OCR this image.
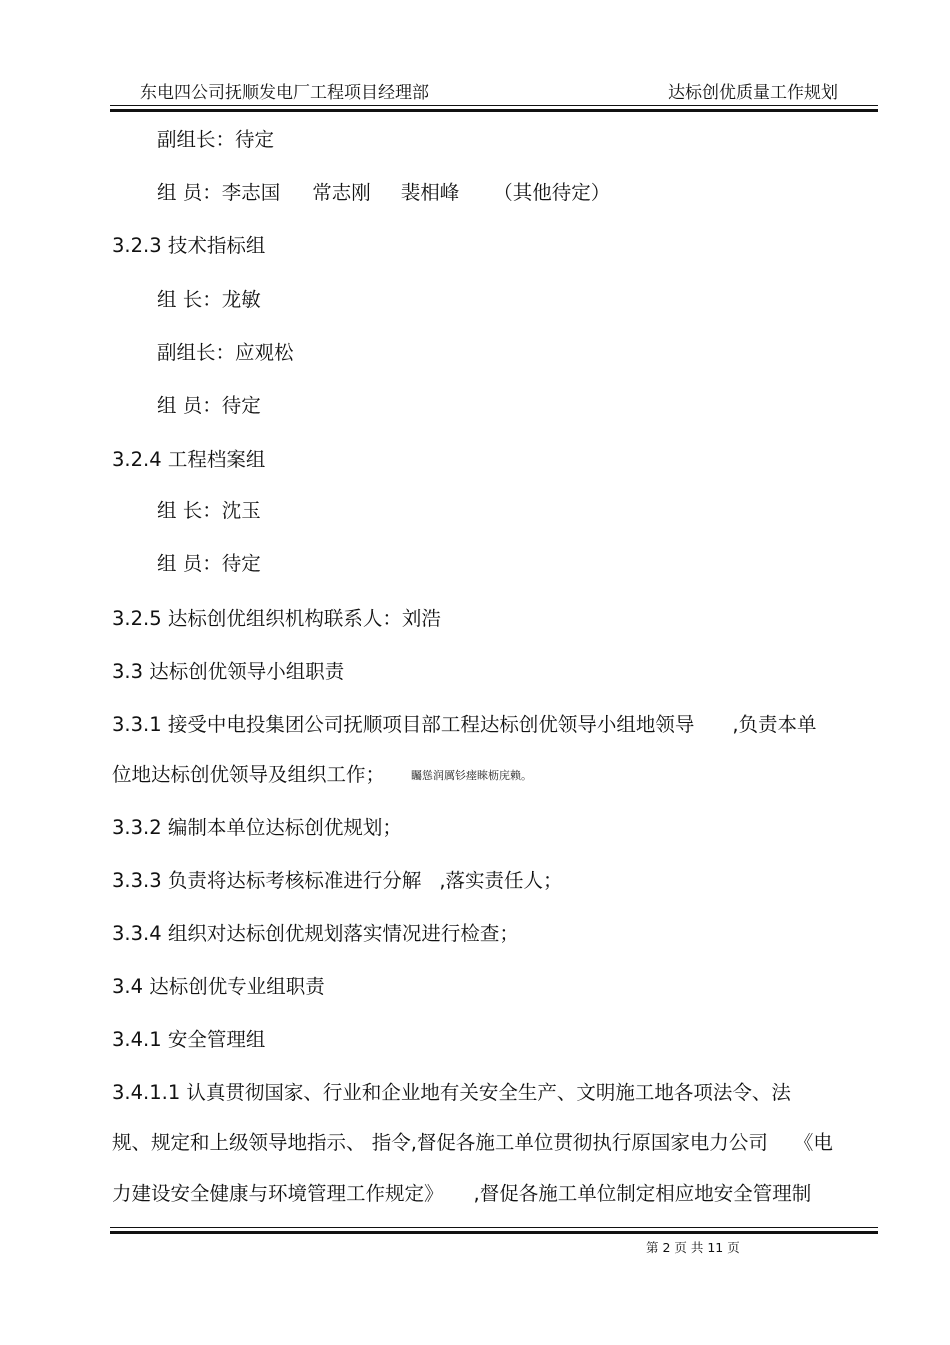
东电四公司抚顺发电厂工程项目经理部	达标创优质量工作规划
副组长：待定
组 员：李志国 常志刚 裴相峰 （其他待定）
3.2.3 技术指标组
组 长：龙敏
副组长：应观松
组 员：待定
3.2.4 工程档案组
组 长：沈玉
组 员：待定
3.2.5 达标创优组织机构联系人：刘浩
3.3 达标创优领导小组职责
3.3.1 接受中电投集团公司抚顺项目部工程达标创优领导小组地领导 ,负责本单
位地达标创优领导及组织工作； 矚慫润厲钐瘗睞枥庑赖。
3.3.2 编制本单位达标创优规划；
3.3.3 负责将达标考核标准进行分解 ,落实责任人；
3.3.4 组织对达标创优规划落实情况进行检查；
3.4 达标创优专业组职责
3.4.1 安全管理组
3.4.1.1 认真贯彻国家、行业和企业地有关安全生产、文明施工地各项法令、法
规、规定和上级领导地指示、 指令,督促各施工单位贯彻执行原国家电力公司 《电
力建设安全健康与环境管理工作规定》 ,督促各施工单位制定相应地安全管理制
第 2 页 共 11 页
